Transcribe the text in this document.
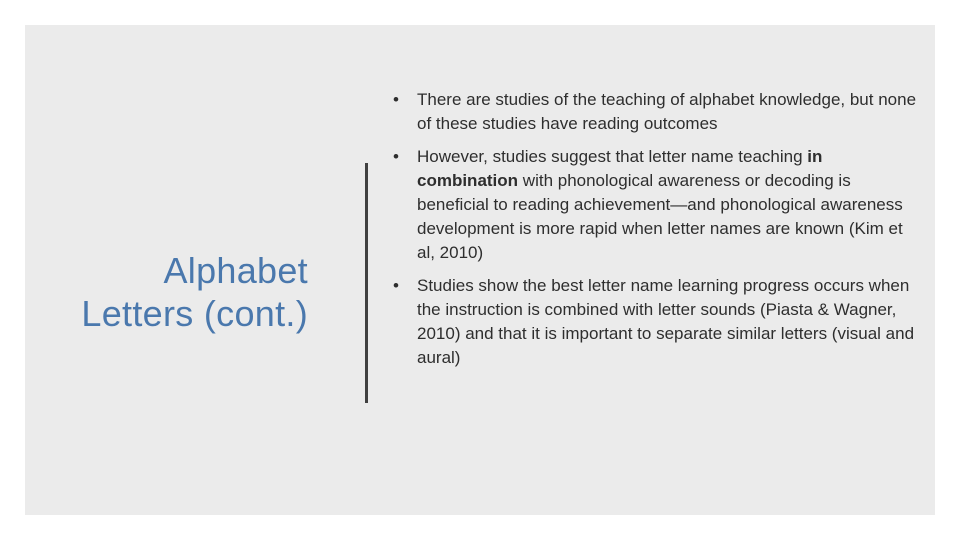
Alphabet
Letters (cont.)
• There are studies of the teaching of alphabet knowledge, but none of these studies have reading outcomes
• However, studies suggest that letter name teaching in combination with phonological awareness or decoding is beneficial to reading achievement—and phonological awareness development is more rapid when letter names are known (Kim et al, 2010)
• Studies show the best letter name learning progress occurs when the instruction is combined with letter sounds (Piasta & Wagner, 2010) and that it is important to separate similar letters (visual and aural)
